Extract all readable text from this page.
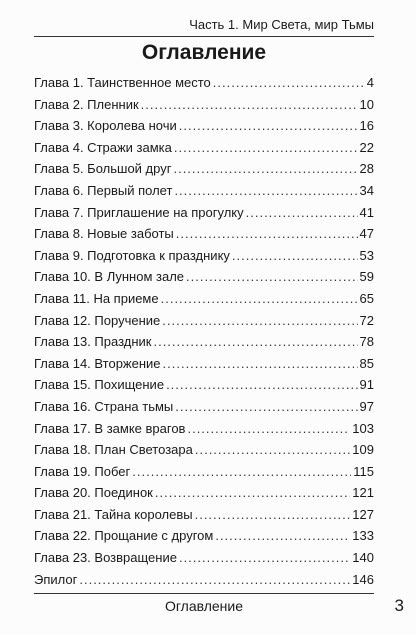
Часть 1. Мир Света, мир Тьмы
Оглавление
Глава 1. Таинственное место .....	4
Глава 2. Пленник .....	10
Глава 3. Королева ночи .....	16
Глава 4. Стражи замка .....	22
Глава 5. Большой друг .....	28
Глава 6. Первый полет .....	34
Глава 7. Приглашение на прогулку .....	41
Глава 8. Новые заботы .....	47
Глава 9. Подготовка к празднику .....	53
Глава 10. В Лунном зале .....	59
Глава 11. На приеме .....	65
Глава 12. Поручение .....	72
Глава 13. Праздник .....	78
Глава 14. Вторжение .....	85
Глава 15. Похищение .....	91
Глава 16. Страна тьмы .....	97
Глава 17. В замке врагов .....	103
Глава 18. План Светозара .....	109
Глава 19. Побег .....	115
Глава 20. Поединок .....	121
Глава 21. Тайна королевы .....	127
Глава 22. Прощание с другом .....	133
Глава 23. Возвращение .....	140
Эпилог .....	146
Оглавление	3
